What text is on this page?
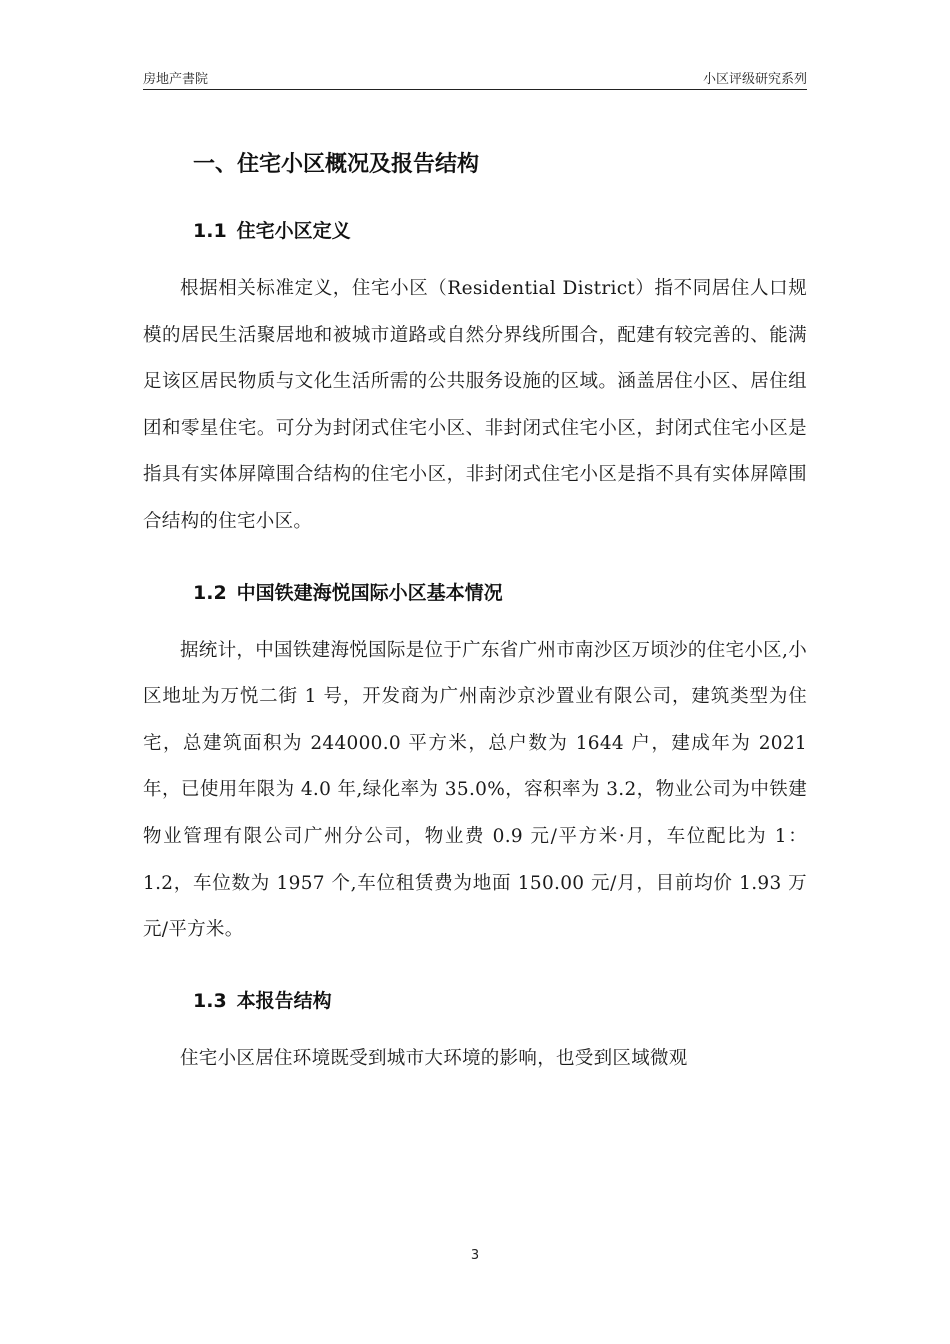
房地产書院	小区评级研究系列
一、住宅小区概况及报告结构
1.1 住宅小区定义

根据相关标准定义，住宅小区（Residential District）指不同居住人口规模的居民生活聚居地和被城市道路或自然分界线所围合，配建有较完善的、能满足该区居民物质与文化生活所需的公共服务设施的区域。涵盖居住小区、居住组团和零星住宅。可分为封闭式住宅小区、非封闭式住宅小区，封闭式住宅小区是指具有实体屏障围合结构的住宅小区，非封闭式住宅小区是指不具有实体屏障围合结构的住宅小区。

1.2 中国铁建海悦国际小区基本情况

据统计，中国铁建海悦国际是位于广东省广州市南沙区万顷沙的住宅小区,小区地址为万悦二街 1 号，开发商为广州南沙京沙置业有限公司，建筑类型为住宅，总建筑面积为 244000.0 平方米，总户数为 1644 户，建成年为 2021 年，已使用年限为 4.0 年,绿化率为 35.0%，容积率为 3.2，物业公司为中铁建物业管理有限公司广州分公司，物业费 0.9 元/平方米·月，车位配比为 1：1.2，车位数为 1957 个,车位租赁费为地面 150.00 元/月，目前均价 1.93 万元/平方米。

1.3 本报告结构

住宅小区居住环境既受到城市大环境的影响，也受到区域微观

3
